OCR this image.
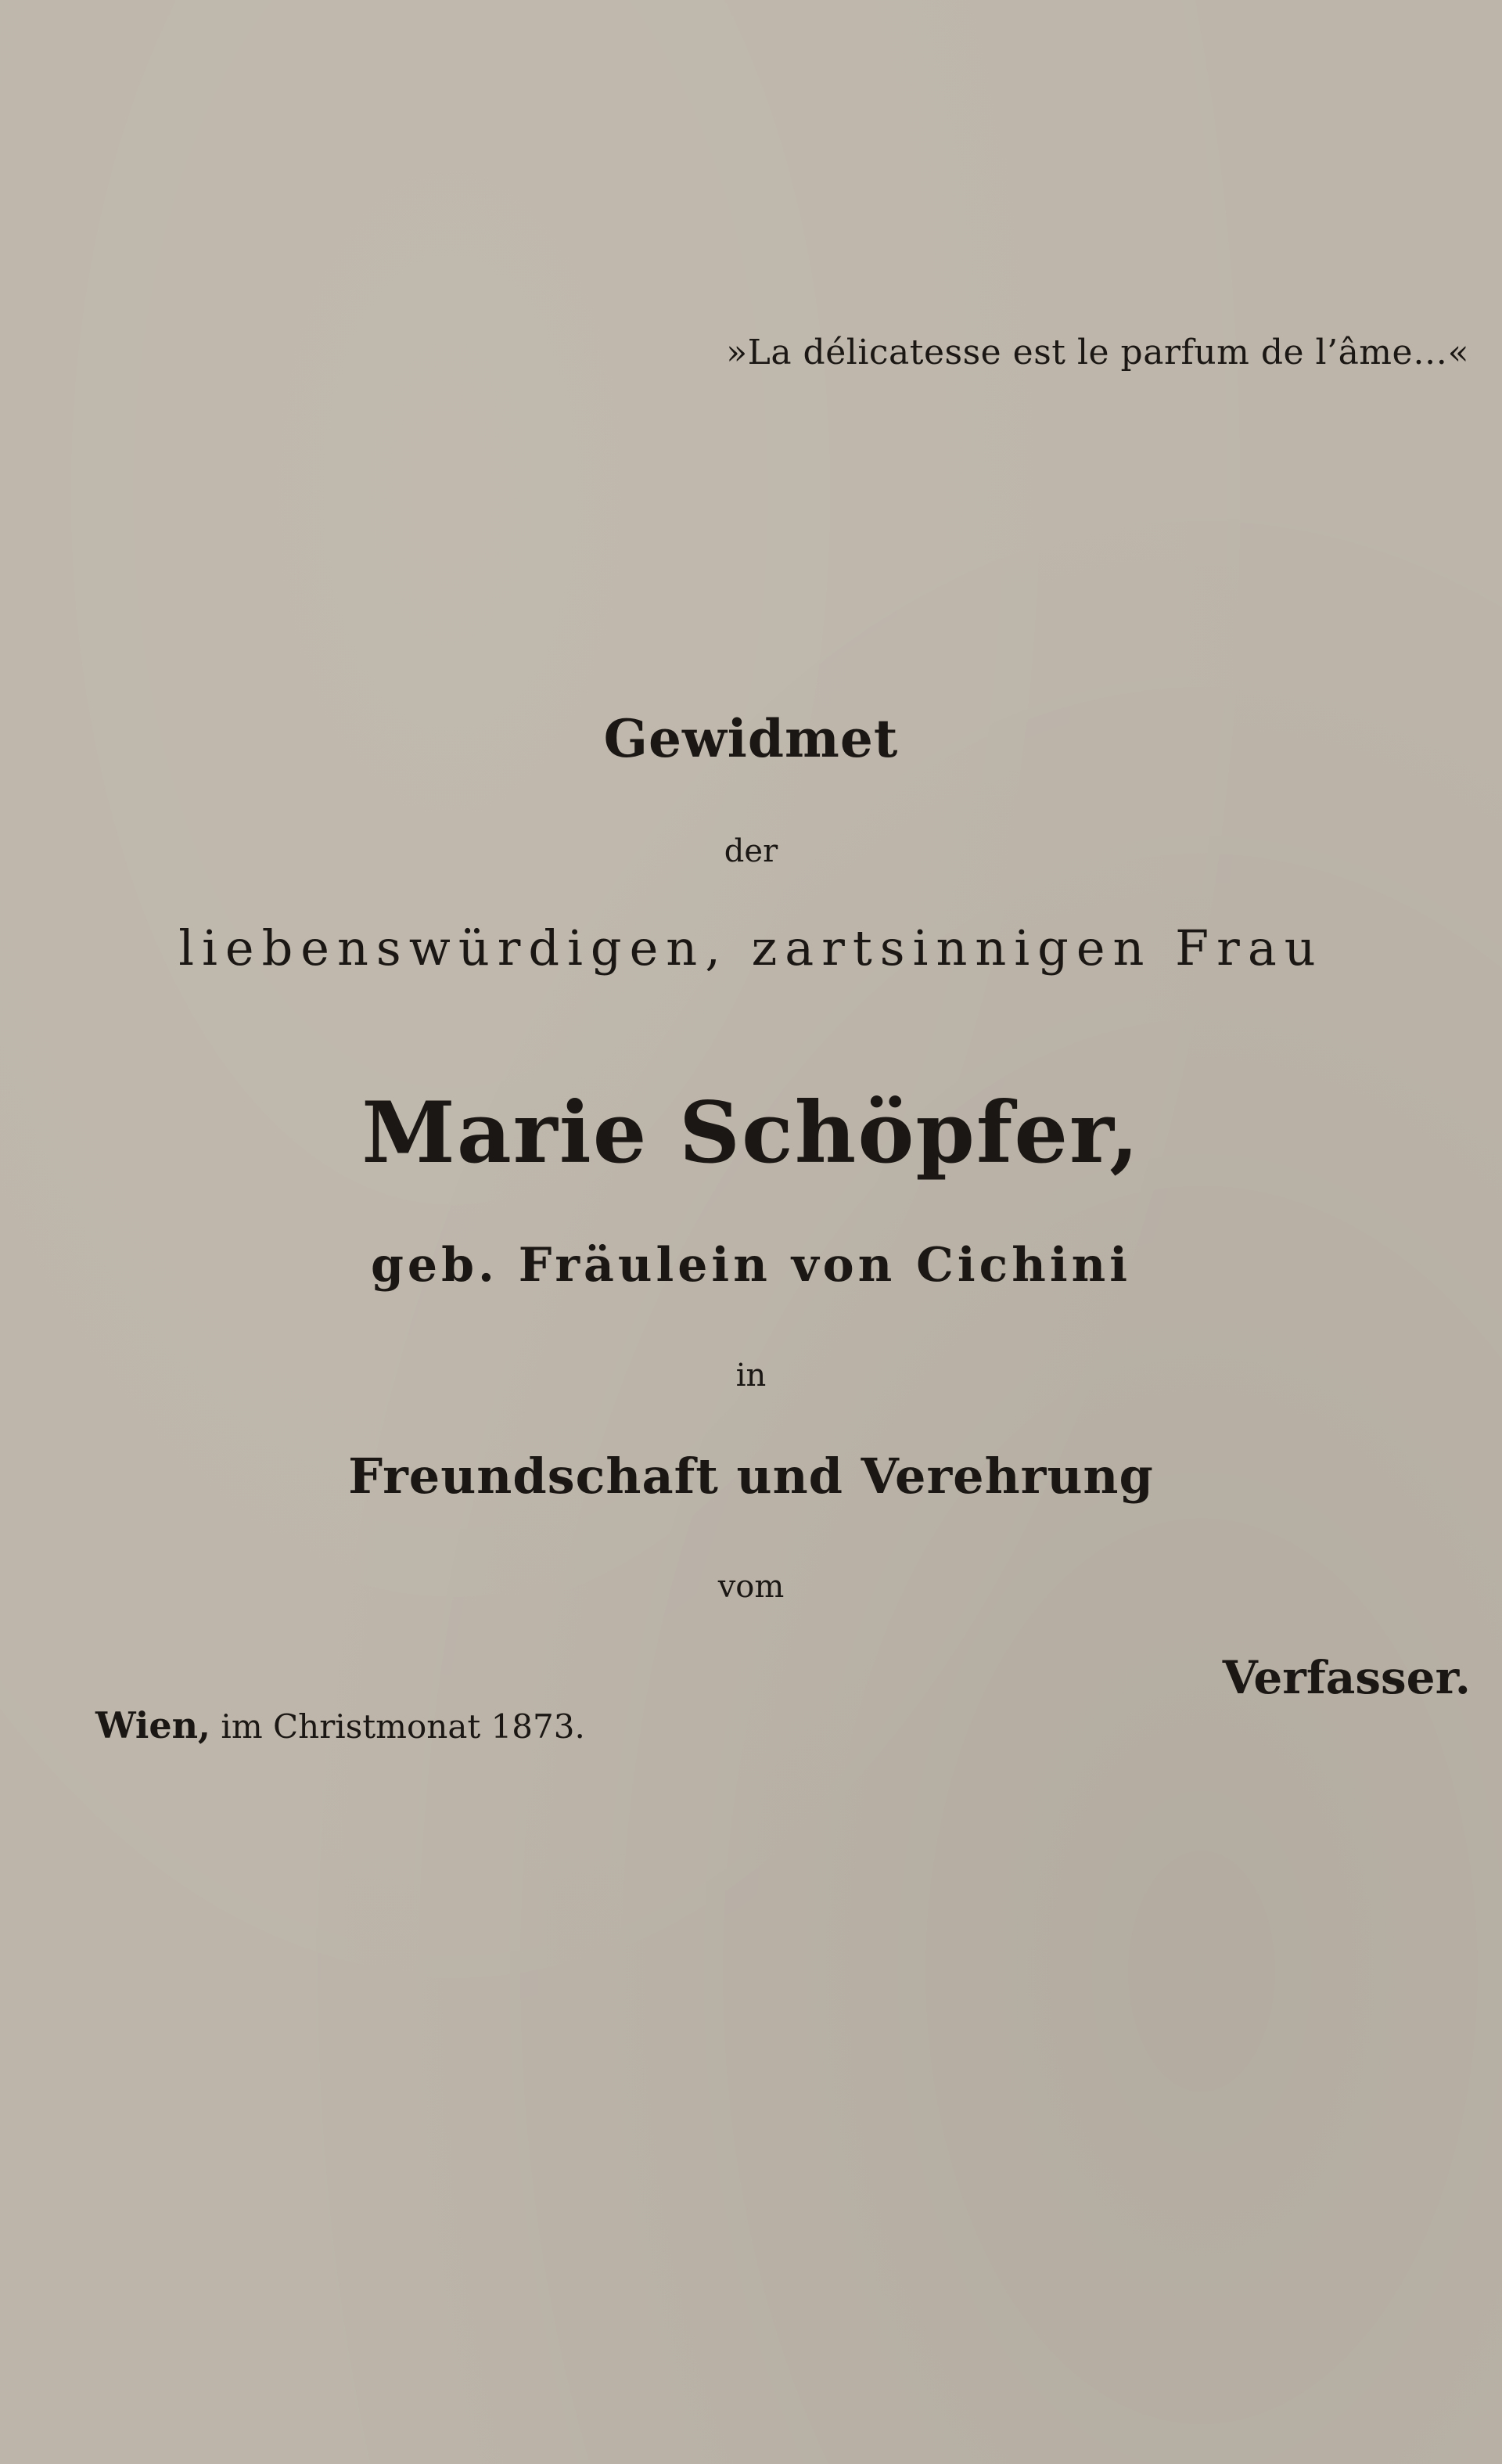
»La délicatesse est le parfum de l’âme…«
Gewidmet
der
liebenswürdigen, zartsinnigen Frau
Marie Schöpfer,
geb. Fräulein von Cichini
in
Freundschaft und Verehrung
vom
Verfasser.
Wien, im Christmonat 1873.
